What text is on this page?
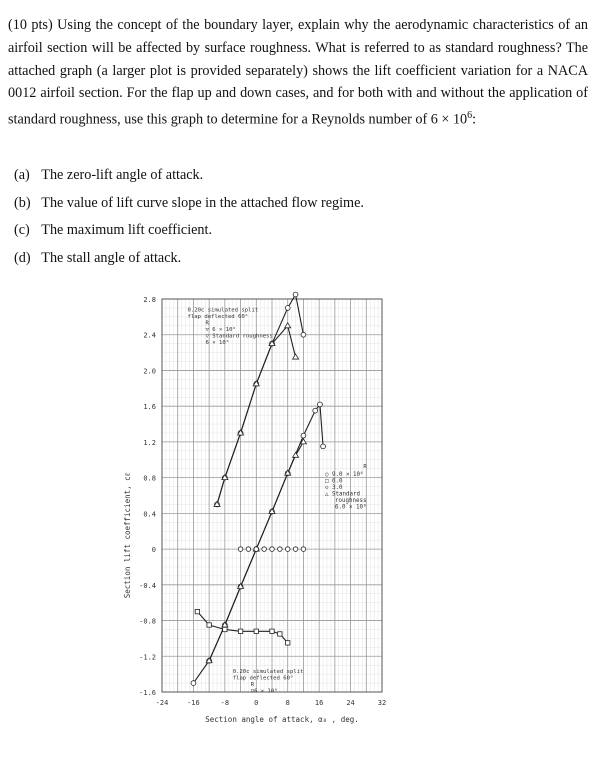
(10 pts) Using the concept of the boundary layer, explain why the aerodynamic characteristics of an airfoil section will be affected by surface roughness. What is referred to as standard roughness? The attached graph (a larger plot is provided separately) shows the lift coefficient variation for a NACA 0012 airfoil section. For the flap up and down cases, and for both with and without the application of standard roughness, use this graph to determine for a Reynolds number of $6 \times 10^6$:

(a) The zero-lift angle of attack.
(b) The value of lift curve slope in the attached flow regime.
(c) The maximum lift coefficient.
(d) The stall angle of attack.
2.8
2.4
2.0
1.6
1.2
0.8
0.4
0
-0.4
-0.8
-1.2
-1.6
-24	-16	-8	0	8	16	24	32
Section angle of attack, α₀ , deg.
Section lift coefficient, cℓ
0.20c simulated split
flap deflected 60°
R
▽ 6 × 10⁶
▽ Standard roughness
6 × 10⁶
0.20c simulated split
flap deflected 60°
R
▽6 × 10⁶
R
○ 9.0 × 10⁶
□ 6.0
◇ 3.0
△ Standard
roughness
6.0 × 10⁶
